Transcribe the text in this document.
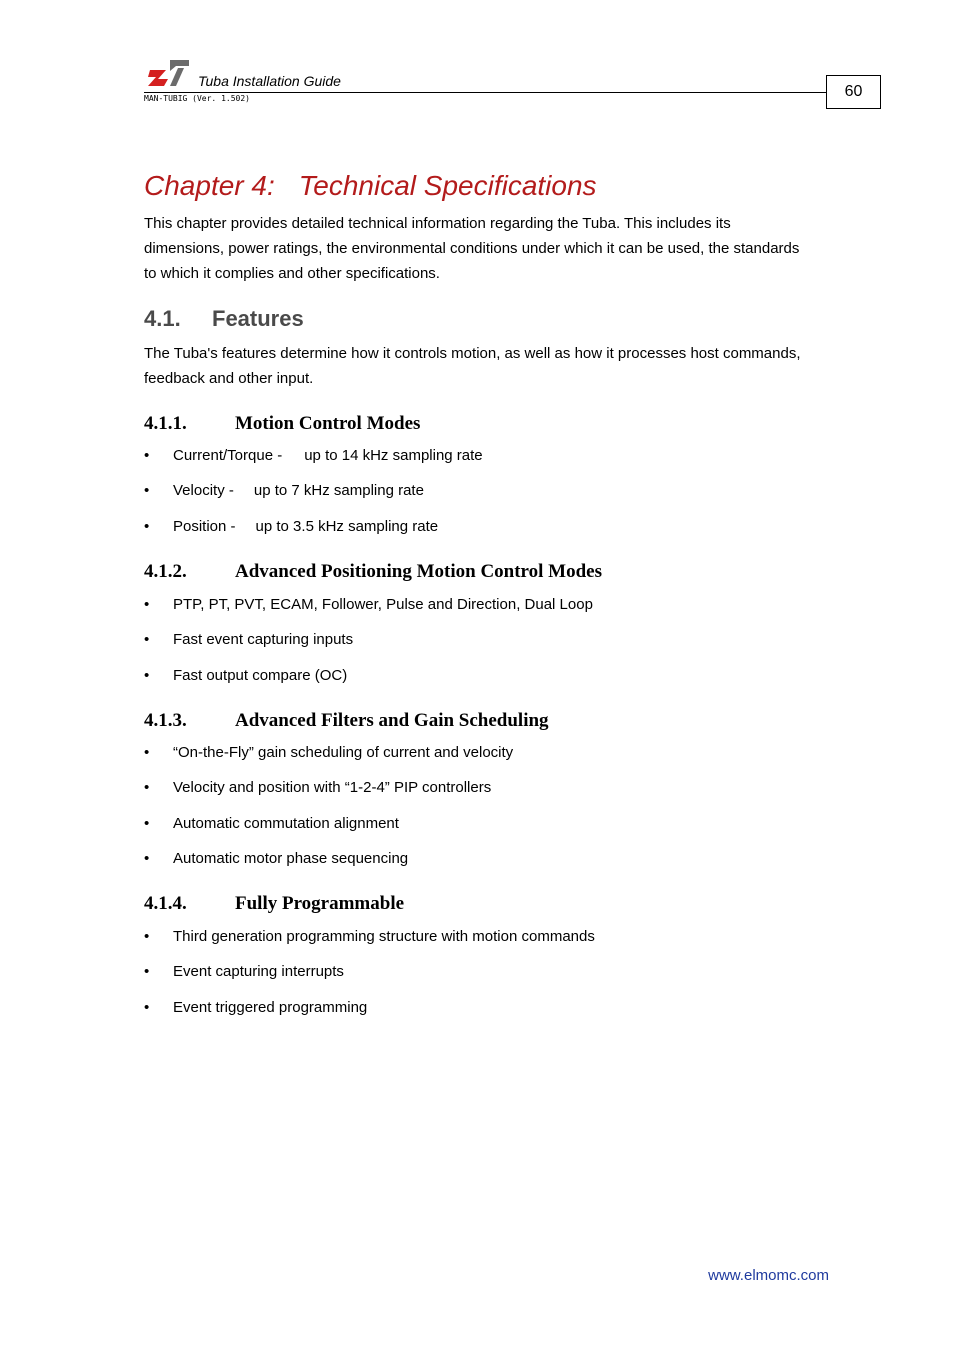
Tuba Installation Guide
MAN-TUBIG (Ver. 1.502)	60
Chapter 4: Technical Specifications

This chapter provides detailed technical information regarding the Tuba. This includes its dimensions, power ratings, the environmental conditions under which it can be used, the standards to which it complies and other specifications.

4.1. Features

The Tuba's features determine how it controls motion, as well as how it processes host commands, feedback and other input.

4.1.1.	Motion Control Modes
• Current/Torque - up to 14 kHz sampling rate
• Velocity - up to 7 kHz sampling rate
• Position - up to 3.5 kHz sampling rate
4.1.2.	Advanced Positioning Motion Control Modes
• PTP, PT, PVT, ECAM, Follower, Pulse and Direction, Dual Loop
• Fast event capturing inputs
• Fast output compare (OC)
4.1.3.	Advanced Filters and Gain Scheduling
• “On-the-Fly” gain scheduling of current and velocity
• Velocity and position with “1-2-4” PIP controllers
• Automatic commutation alignment
• Automatic motor phase sequencing
4.1.4.	Fully Programmable
• Third generation programming structure with motion commands
• Event capturing interrupts
• Event triggered programming
www.elmomc.com
